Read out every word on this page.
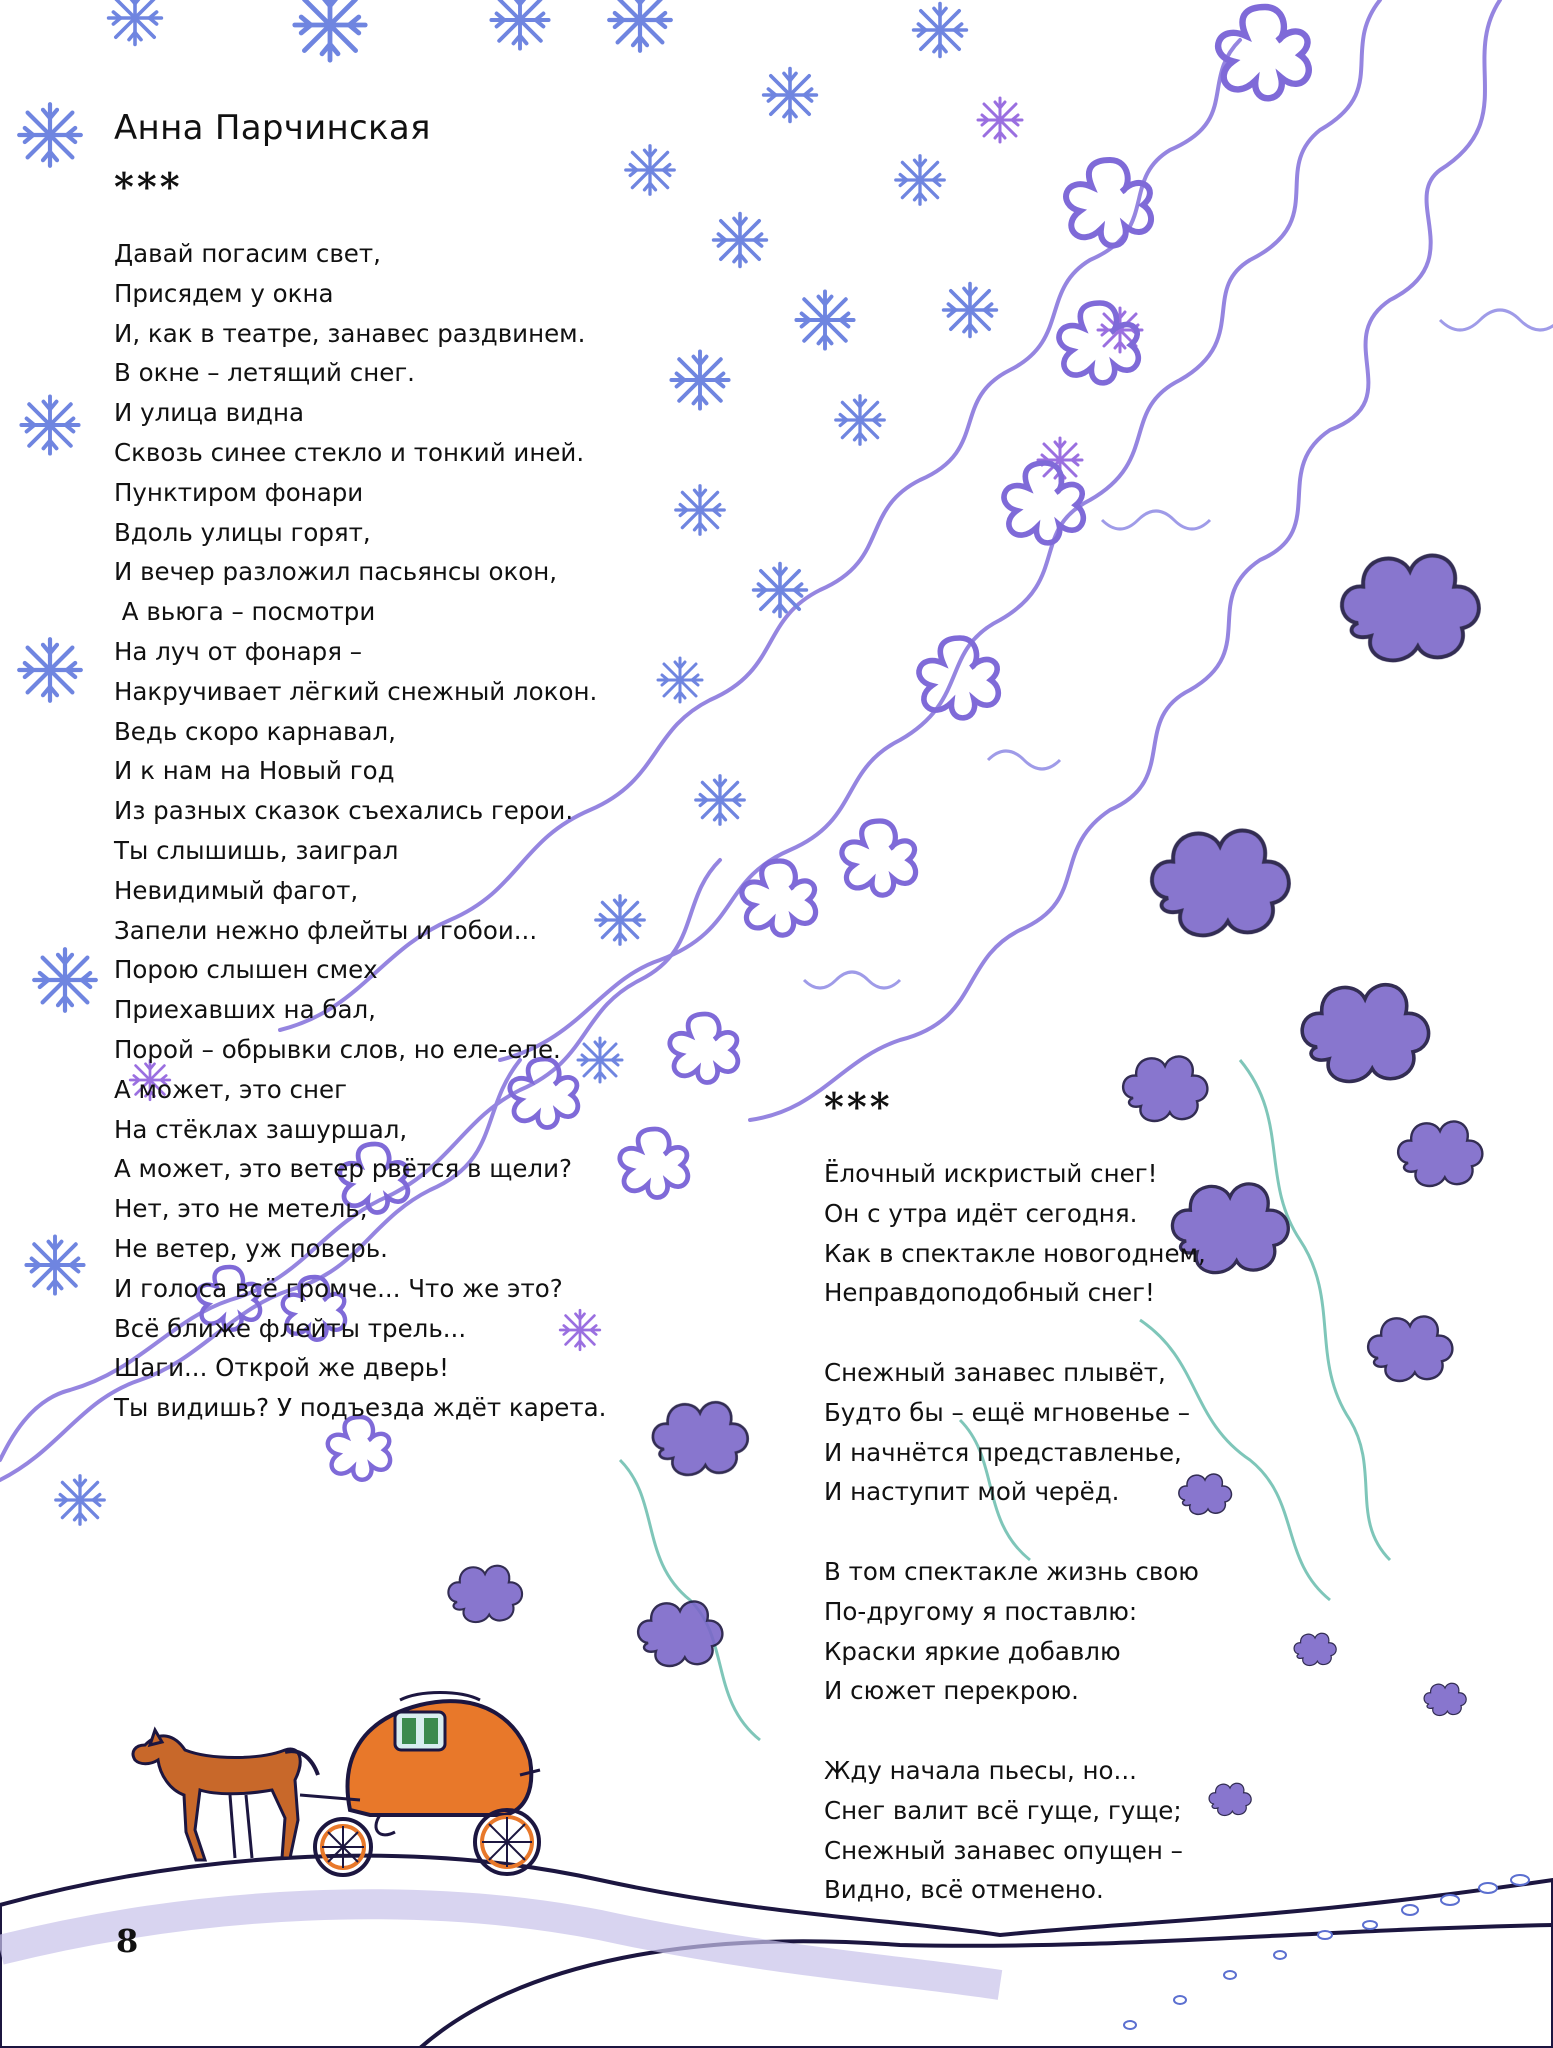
Анна Парчинская
***
Давай погасим свет,
Присядем у окна
И, как в театре, занавес раздвинем.
В окне – летящий снег.
И улица видна
Сквозь синее стекло и тонкий иней.
Пунктиром фонари
Вдоль улицы горят,
И вечер разложил пасьянсы окон,
А вьюга – посмотри
На луч от фонаря –
Накручивает лёгкий снежный локон.
Ведь скоро карнавал,
И к нам на Новый год
Из разных сказок съехались герои.
Ты слышишь, заиграл
Невидимый фагот,
Запели нежно флейты и гобои...
Порою слышен смех
Приехавших на бал,
Порой – обрывки слов, но еле-еле.
А может, это снег
На стёклах зашуршал,
А может, это ветер рвётся в щели?
Нет, это не метель,
Не ветер, уж поверь.
И голоса всё громче... Что же это?
Всё ближе флейты трель...
Шаги... Открой же дверь!
Ты видишь? У подъезда ждёт карета.
***
Ёлочный искристый снег!
Он с утра идёт сегодня.
Как в спектакле новогоднем,
Неправдоподобный снег!
Снежный занавес плывёт,
Будто бы – ещё мгновенье –
И начнётся представленье,
И наступит мой черёд.
В том спектакле жизнь свою
По-другому я поставлю:
Краски яркие добавлю
И сюжет перекрою.
Жду начала пьесы, но...
Снег валит всё гуще, гуще;
Снежный занавес опущен –
Видно, всё отменено.
8
